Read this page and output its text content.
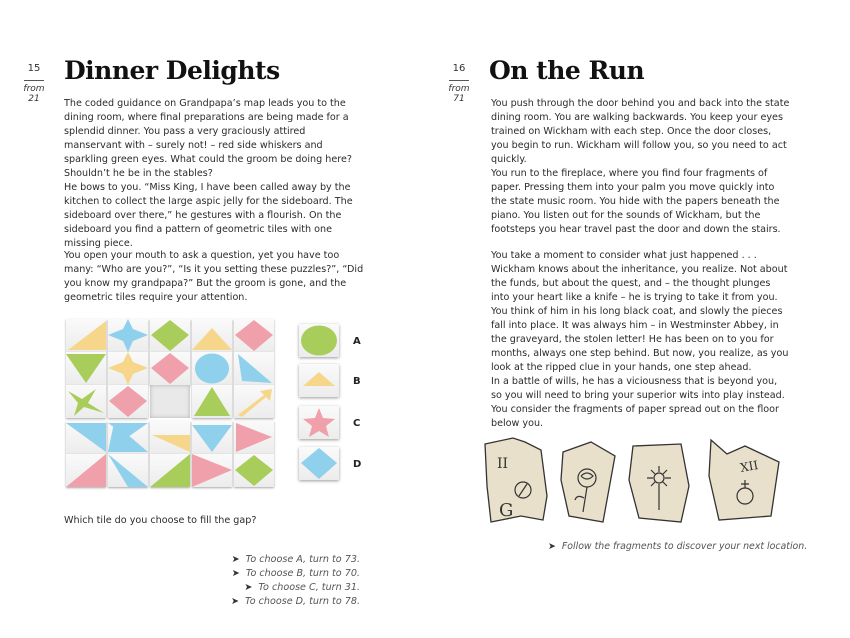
15
from
21
Dinner Delights

The coded guidance on Grandpapa’s map leads you to the dining room, where final preparations are being made for a splendid dinner. You pass a very graciously attired manservant with – surely not! – red side whiskers and sparkling green eyes. What could the groom be doing here? Shouldn’t he be in the stables?

He bows to you. “Miss King, I have been called away by the kitchen to collect the large aspic jelly for the sideboard. The sideboard over there,” he gestures with a flourish. On the sideboard you find a pattern of geometric tiles with one missing piece.

You open your mouth to ask a question, yet you have too many: “Who are you?”, “Is it you setting these puzzles?”, “Did you know my grandpapa?” But the groom is gone, and the geometric tiles require your attention.

A
B
C
D

Which tile do you choose to fill the gap?

➤ To choose A, turn to 73.
➤ To choose B, turn to 70.
➤ To choose C, turn 31.
➤ To choose D, turn to 78.
16
from
71
On the Run

You push through the door behind you and back into the state dining room. You are walking backwards. You keep your eyes trained on Wickham with each step. Once the door closes, you begin to run. Wickham will follow you, so you need to act quickly.

You run to the fireplace, where you find four fragments of paper. Pressing them into your palm you move quickly into the state music room. You hide with the papers beneath the piano. You listen out for the sounds of Wickham, but the footsteps you hear travel past the door and down the stairs.

You take a moment to consider what just happened . . . Wickham knows about the inheritance, you realize. Not about the funds, but about the quest, and – the thought plunges into your heart like a knife – he is trying to take it from you. You think of him in his long black coat, and slowly the pieces fall into place. It was always him – in Westminster Abbey, in the graveyard, the stolen letter! He has been on to you for months, always one step behind. But now, you realize, as you look at the ripped clue in your hands, one step ahead.

In a battle of wills, he has a viciousness that is beyond you, so you will need to bring your superior wits into play instead. You consider the fragments of paper spread out on the floor below you.

II
G
XII
➤ Follow the fragments to discover your next location.
